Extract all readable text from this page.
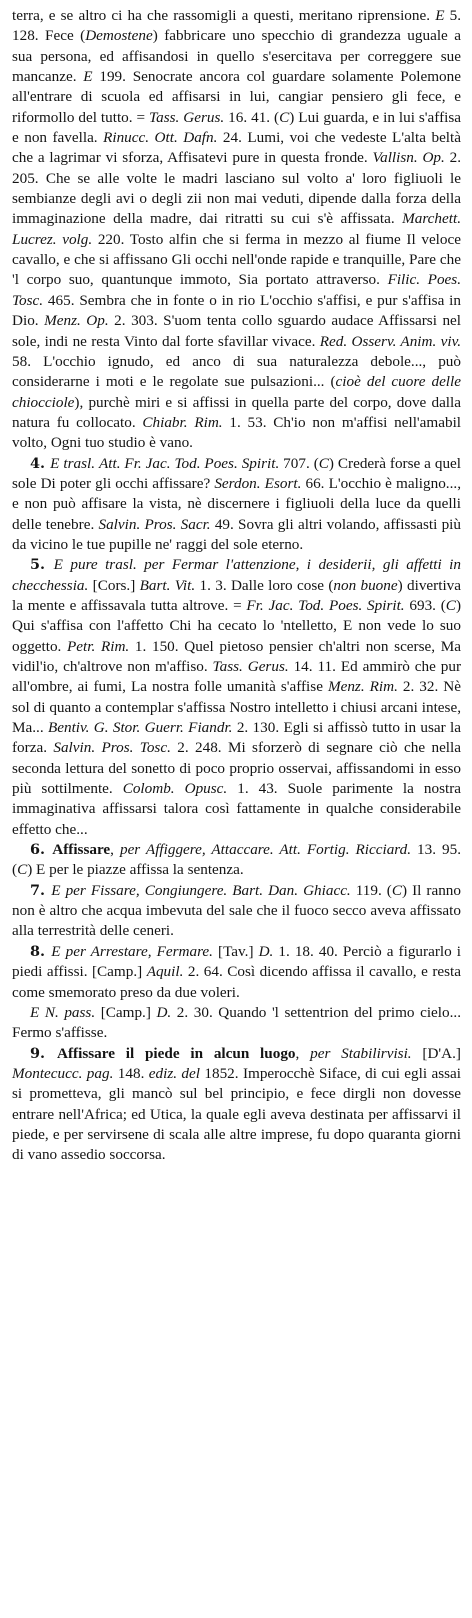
terra, e se altro ci ha che rassomigli a questi, meritano riprensione. E 5. 128. Fece (Demostene) fabbricare uno specchio di grandezza uguale a sua persona, ed affisandosi in quello s'esercitava per correggere sue mancanze. E 199. Senocrate ancora col guardare solamente Polemone all'entrare di scuola ed affisarsi in lui, cangiar pensiero gli fece, e riformollo del tutto. = Tass. Gerus. 16. 41. (C) Lui guarda, e in lui s'affisa e non favella. Rinucc. Ott. Dafn. 24. Lumi, voi che vedeste L'alta beltà che a lagrimar vi sforza, Affisatevi pure in questa fronde. Vallisn. Op. 2. 205. Che se alle volte le madri lasciano sul volto a' loro figliuoli le sembianze degli avi o degli zii non mai veduti, dipende dalla forza della immaginazione della madre, dai ritratti su cui s'è affissata. Marchett. Lucrez. volg. 220. Tosto alfin che si ferma in mezzo al fiume Il veloce cavallo, e che si affissano Gli occhi nell'onde rapide e tranquille, Pare che 'l corpo suo, quantunque immoto, Sia portato attraverso. Filic. Poes. Tosc. 465. Sembra che in fonte o in rio L'occhio s'affisi, e pur s'affisa in Dio. Menz. Op. 2. 303. S'uom tenta collo sguardo audace Affissarsi nel sole, indi ne resta Vinto dal forte sfavillar vivace. Red. Osserv. Anim. viv. 58. L'occhio ignudo, ed anco di sua naturalezza debole..., può considerarne i moti e le regolate sue pulsazioni... (cioè del cuore delle chiocciole), purchè miri e si affissi in quella parte del corpo, dove dalla natura fu collocato. Chiabr. Rim. 1. 53. Ch'io non m'affisi nell'amabil volto, Ogni tuo studio è vano.

4. E trasl. Att. Fr. Jac. Tod. Poes. Spirit. 707. (C) Crederà forse a quel sole Di poter gli occhi affissare? Serdon. Esort. 66. L'occhio è maligno..., e non può affisare la vista, nè discernere i figliuoli della luce da quelli delle tenebre. Salvin. Pros. Sacr. 49. Sovra gli altri volando, affissasti più da vicino le tue pupille ne' raggi del sole eterno.

5. E pure trasl. per Fermar l'attenzione, i desiderii, gli affetti in checchessia. [Cors.] Bart. Vit. 1. 3. Dalle loro cose (non buone) divertiva la mente e affissavala tutta altrove. = Fr. Jac. Tod. Poes. Spirit. 693. (C) Qui s'affisa con l'affetto Chi ha cecato lo 'ntelletto, E non vede lo suo oggetto. Petr. Rim. 1. 150. Quel pietoso pensier ch'altri non scerse, Ma vidil'io, ch'altrove non m'affiso. Tass. Gerus. 14. 11. Ed ammirò che pur all'ombre, ai fumi, La nostra folle umanità s'affise Menz. Rim. 2. 32. Nè sol di quanto a contemplar s'affissa Nostro intelletto i chiusi arcani intese, Ma... Bentiv. G. Stor. Guerr. Fiandr. 2. 130. Egli si affissò tutto in usar la forza. Salvin. Pros. Tosc. 2. 248. Mi sforzerò di segnare ciò che nella seconda lettura del sonetto di poco proprio osservai, affissandomi in esso più sottilmente. Colomb. Opusc. 1. 43. Suole parimente la nostra immaginativa affissarsi talora così fattamente in qualche considerabile effetto che...

6. Affissare, per Affiggere, Attaccare. Att. Fortig. Ricciard. 13. 95. (C) E per le piazze affissa la sentenza.

7. E per Fissare, Congiungere. Bart. Dan. Ghiacc. 119. (C) Il ranno non è altro che acqua imbevuta del sale che il fuoco secco aveva affissato alla terrestrità delle ceneri.

8. E per Arrestare, Fermare. [Tav.] D. 1. 18. 40. Perciò a figurarlo i piedi affissi. [Camp.] Aquil. 2. 64. Così dicendo affissa il cavallo, e resta come smemorato preso da due voleri.

E N. pass. [Camp.] D. 2. 30. Quando 'l settentrion del primo cielo... Fermo s'affisse.

9. Affissare il piede in alcun luogo, per Stabilirvisi. [D'A.] Montecucc. pag. 148. ediz. del 1852. Imperocchè Siface, di cui egli assai si prometteva, gli mancò sul bel principio, e fece dirgli non dovesse entrare nell'Africa; ed Utica, la quale egli aveva destinata per affissarvi il piede, e per servirsene di scala alle altre imprese, fu dopo quaranta giorni di vano assedio soccorsa.
